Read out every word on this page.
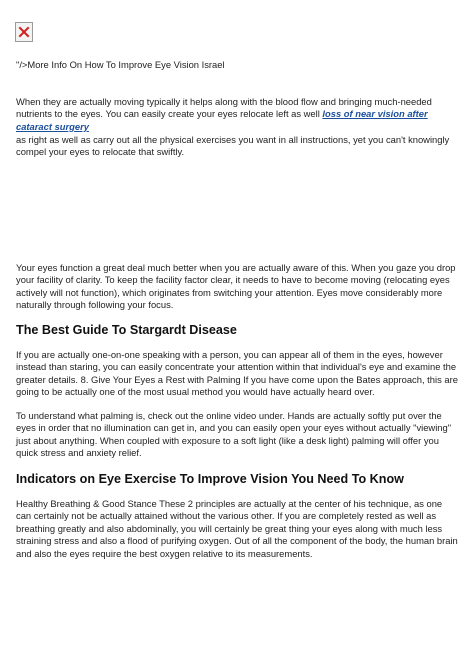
"/>More Info On How To Improve Eye Vision Israel
When they are actually moving typically it helps along with the blood flow and bringing much-needed nutrients to the eyes. You can easily create your eyes relocate left as well loss of near vision after cataract surgery
as right as well as carry out all the physical exercises you want in all instructions, yet you can't knowingly compel your eyes to relocate that swiftly.
Your eyes function a great deal much better when you are actually aware of this. When you gaze you drop your facility of clarity. To keep the facility factor clear, it needs to have to become moving (relocating eyes actively will not function), which originates from switching your attention. Eyes move considerably more naturally through following your focus.
The Best Guide To Stargardt Disease
If you are actually one-on-one speaking with a person, you can appear all of them in the eyes, however instead than staring, you can easily concentrate your attention within that individual's eye and examine the greater details. 8. Give Your Eyes a Rest with Palming If you have come upon the Bates approach, this are going to be actually one of the most usual method you would have actually heard over.
To understand what palming is, check out the online video under. Hands are actually softly put over the eyes in order that no illumination can get in, and you can easily open your eyes without actually "viewing" just about anything. When coupled with exposure to a soft light (like a desk light) palming will offer you quick stress and anxiety relief.
Indicators on Eye Exercise To Improve Vision You Need To Know
Healthy Breathing & Good Stance These 2 principles are actually at the center of his technique, as one can certainly not be actually attained without the various other. If you are completely rested as well as breathing greatly and also abdominally, you will certainly be great thing your eyes along with much less straining stress and also a flood of purifying oxygen. Out of all the component of the body, the human brain and also the eyes require the best oxygen relative to its measurements.
